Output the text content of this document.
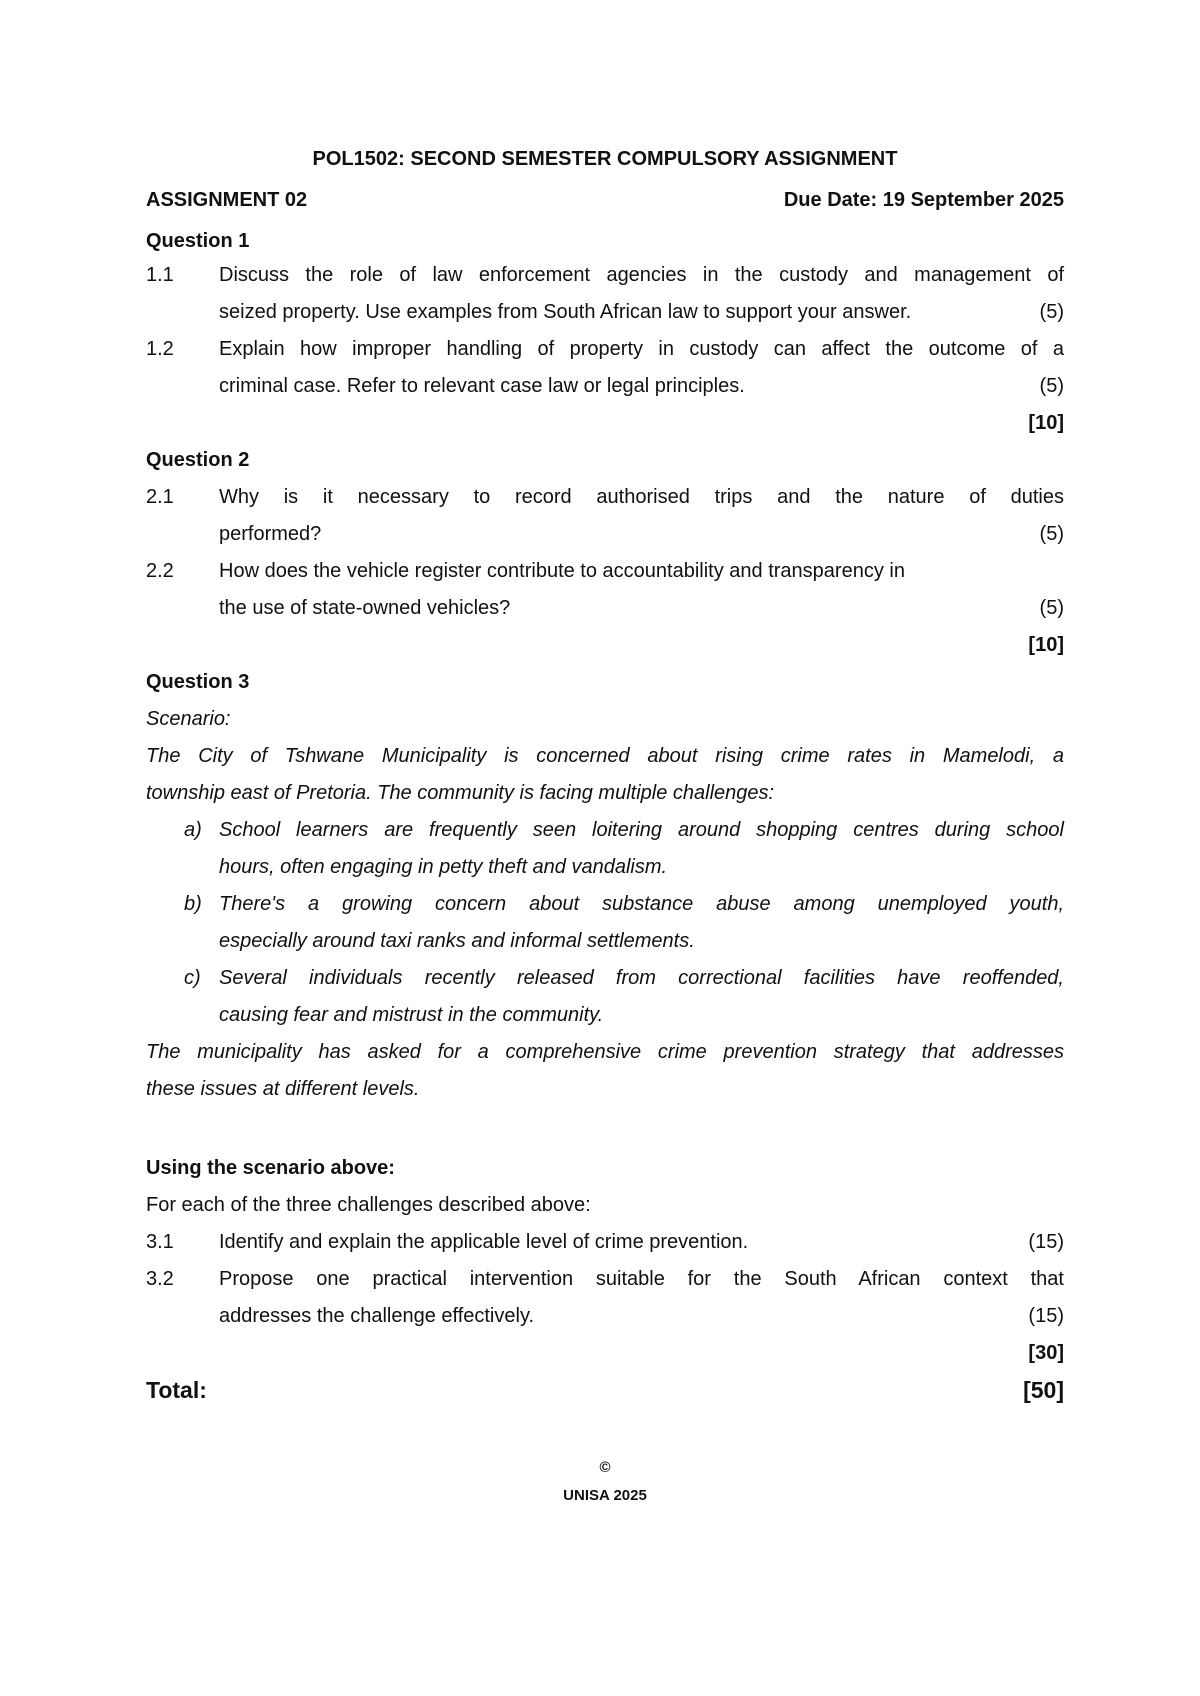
POL1502: SECOND SEMESTER COMPULSORY ASSIGNMENT
ASSIGNMENT 02	Due Date: 19 September 2025
Question 1
1.1 Discuss the role of law enforcement agencies in the custody and management of
seized property. Use examples from South African law to support your answer.	(5)
1.2 Explain how improper handling of property in custody can affect the outcome of a
criminal case. Refer to relevant case law or legal principles.	(5)
[10]
Question 2
2.1 Why is it necessary to record authorised trips and the nature of duties
performed?	(5)
2.2 How does the vehicle register contribute to accountability and transparency in
the use of state-owned vehicles?	(5)
[10]
Question 3
Scenario:
The City of Tshwane Municipality is concerned about rising crime rates in Mamelodi, a
township east of Pretoria. The community is facing multiple challenges:
a) School learners are frequently seen loitering around shopping centres during school
hours, often engaging in petty theft and vandalism.
b) There's a growing concern about substance abuse among unemployed youth,
especially around taxi ranks and informal settlements.
c) Several individuals recently released from correctional facilities have reoffended,
causing fear and mistrust in the community.
The municipality has asked for a comprehensive crime prevention strategy that addresses
these issues at different levels.
Using the scenario above:
For each of the three challenges described above:
3.1 Identify and explain the applicable level of crime prevention.	(15)
3.2 Propose one practical intervention suitable for the South African context that
addresses the challenge effectively.	(15)
[30]
Total:	[50]
©
UNISA 2025
